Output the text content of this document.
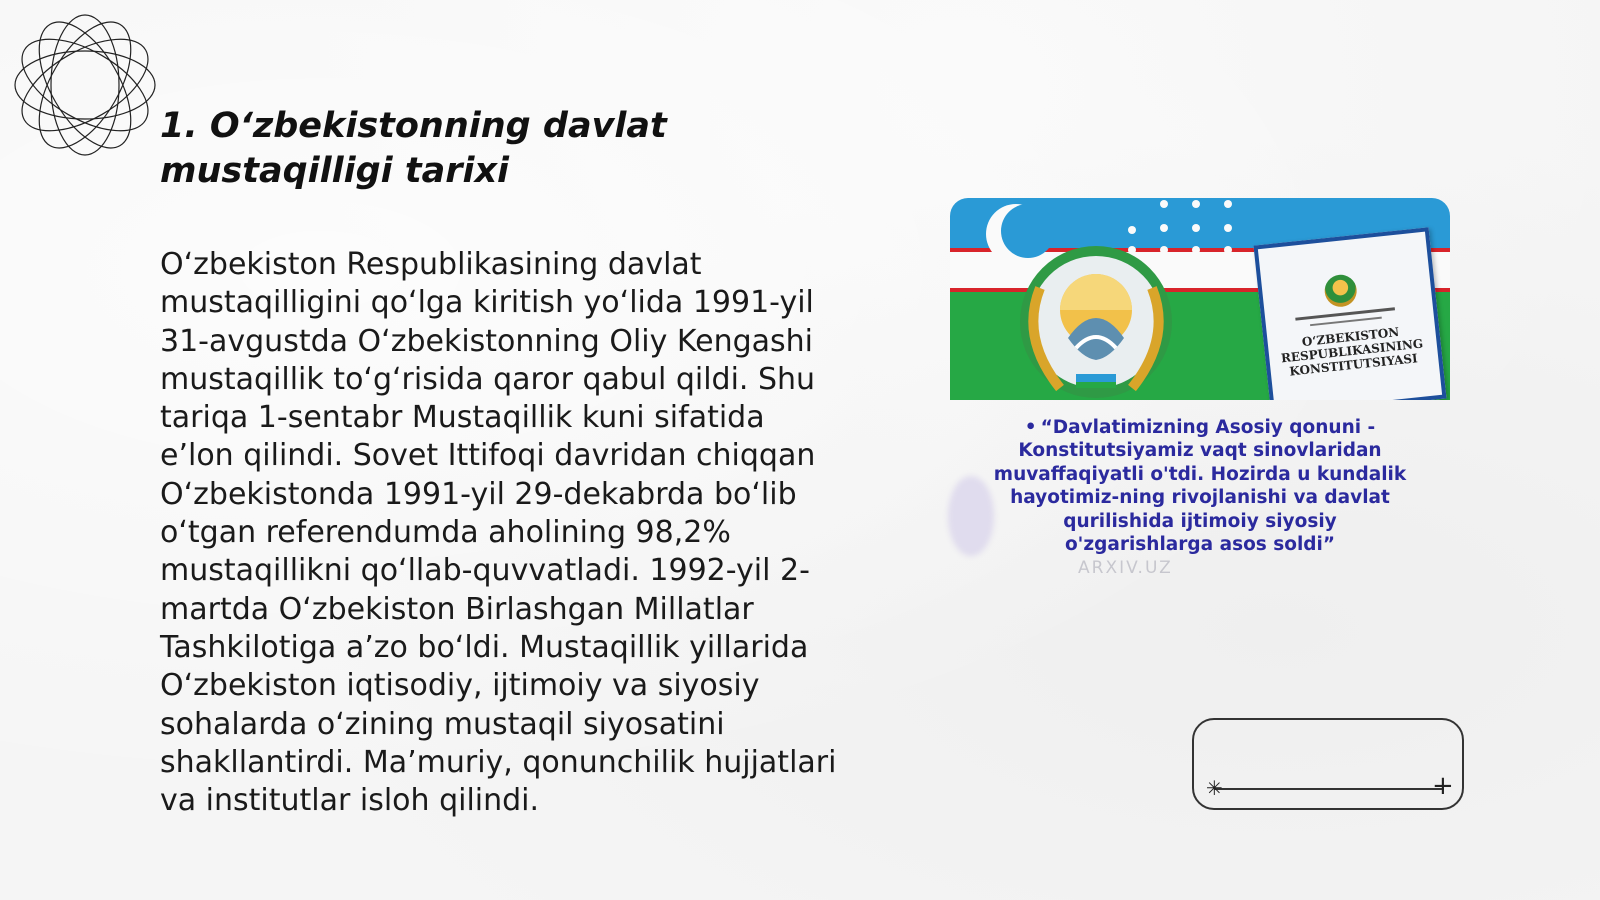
1. O‘zbekistonning davlat mustaqilligi tarixi

O‘zbekiston Respublikasining davlat mustaqilligini qo‘lga kiritish yo‘lida 1991-yil 31-avgustda O‘zbekistonning Oliy Kengashi mustaqillik to‘g‘risida qaror qabul qildi. Shu tariqa 1-sentabr Mustaqillik kuni sifatida e’lon qilindi. Sovet Ittifoqi davridan chiqqan O‘zbekistonda 1991-yil 29-dekabrda bo‘lib o‘tgan referendumda aholining 98,2% mustaqillikni qo‘llab-quvvatladi. 1992-yil 2-martda O‘zbekiston Birlashgan Millatlar Tashkilotiga a’zo bo‘ldi. Mustaqillik yillarida O‘zbekiston iqtisodiy, ijtimoiy va siyosiy sohalarda o‘zining mustaqil siyosatini shakllantirdi. Ma’muriy, qonunchilik hujjatlari va institutlar isloh qilindi.

O‘ZBEKISTON
RESPUBLIKASINING
KONSTITUTSIYASI

• “Davlatimizning Asosiy qonuni - Konstitutsiyamiz vaqt sinovlaridan muvaffaqiyatli o'tdi. Hozirda u kundalik hayotimiz-ning rivojlanishi va davlat qurilishida ijtimoiy siyosiy o'zgarishlarga asos soldi”

ARXIV.UZ
✳	+
